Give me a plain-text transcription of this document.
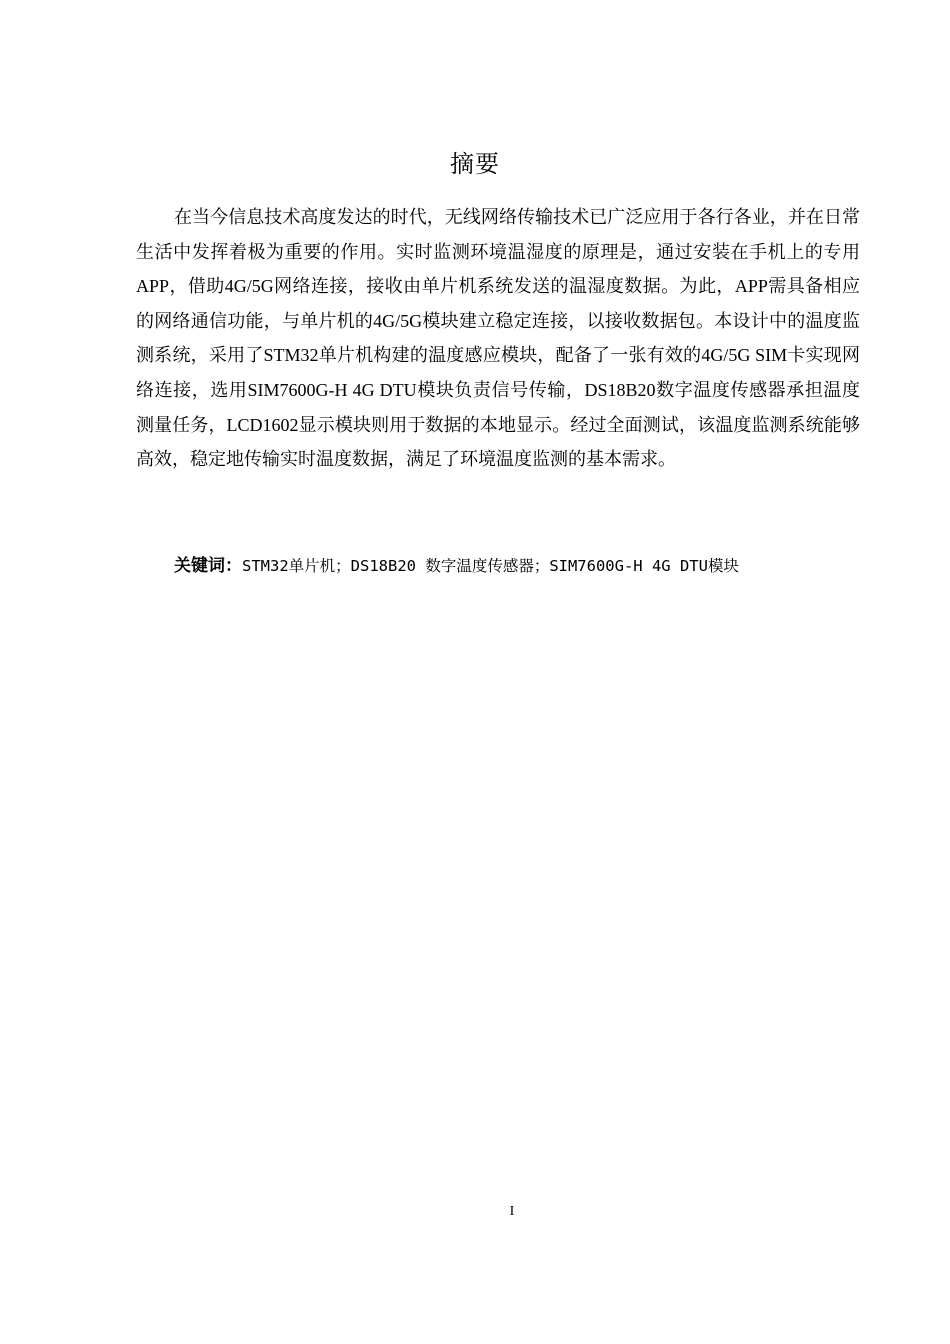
摘要

在当今信息技术高度发达的时代，无线网络传输技术已广泛应用于各行各业，并在日常生活中发挥着极为重要的作用。实时监测环境温湿度的原理是，通过安装在手机上的专用APP，借助4G/5G网络连接，接收由单片机系统发送的温湿度数据。为此，APP需具备相应的网络通信功能，与单片机的4G/5G模块建立稳定连接，以接收数据包。本设计中的温度监测系统，采用了STM32单片机构建的温度感应模块，配备了一张有效的4G/5G SIM卡实现网络连接，选用SIM7600G-H 4G DTU模块负责信号传输，DS18B20数字温度传感器承担温度测量任务，LCD1602显示模块则用于数据的本地显示。经过全面测试，该温度监测系统能够高效，稳定地传输实时温度数据，满足了环境温度监测的基本需求。

关键词：STM32单片机；DS18B20 数字温度传感器；SIM7600G-H 4G DTU模块

I
